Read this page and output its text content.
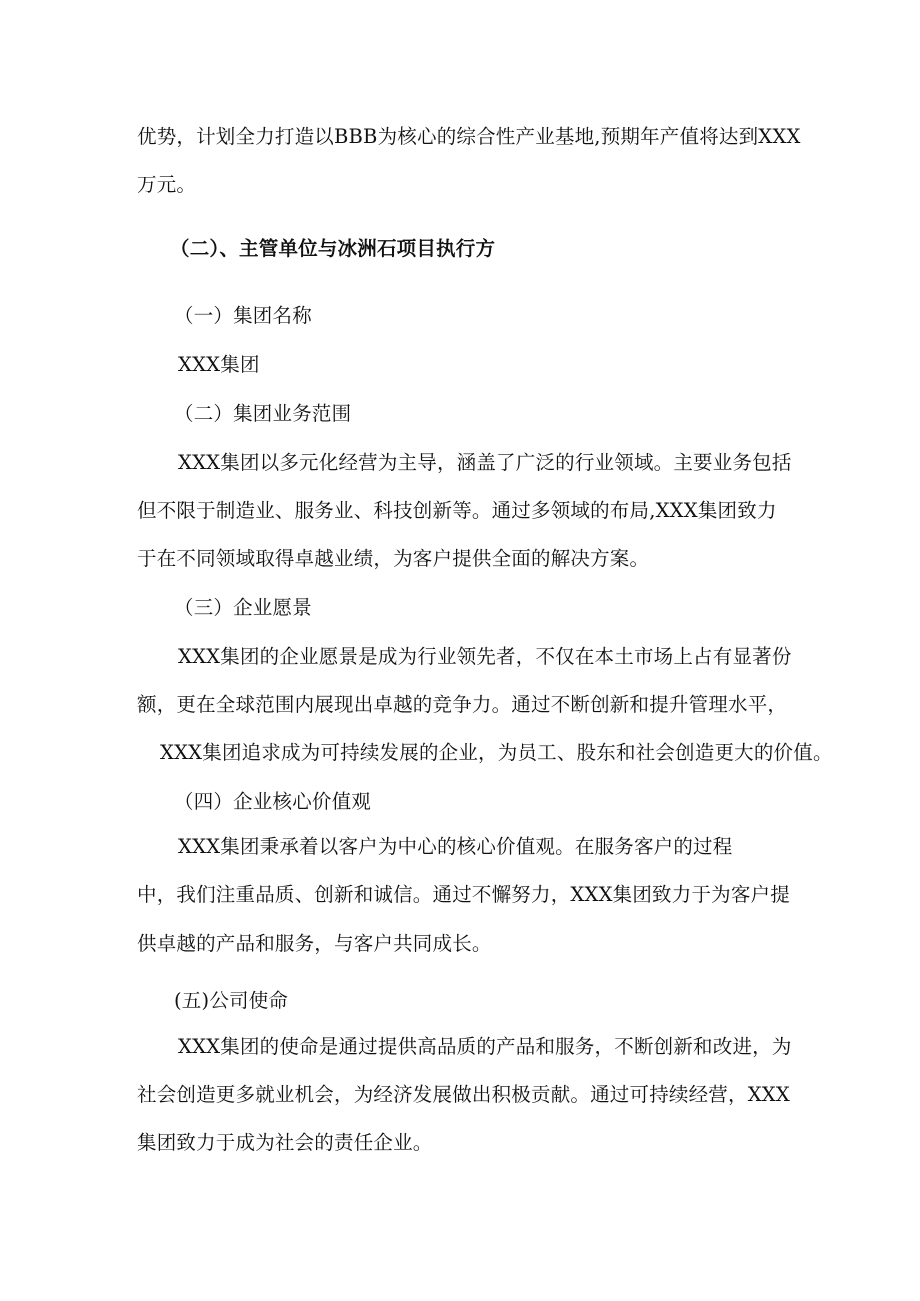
优势，计划全力打造以BBB为核心的综合性产业基地,预期年产值将达到XXX

万元。

（二）、主管单位与冰洲石项目执行方

（一）集团名称

XXX集团

（二）集团业务范围

XXX集团以多元化经营为主导，涵盖了广泛的行业领域。主要业务包括

但不限于制造业、服务业、科技创新等。通过多领域的布局,XXX集团致力

于在不同领域取得卓越业绩，为客户提供全面的解决方案。

（三）企业愿景

XXX集团的企业愿景是成为行业领先者，不仅在本土市场上占有显著份

额，更在全球范围内展现出卓越的竞争力。通过不断创新和提升管理水平，

XXX集团追求成为可持续发展的企业，为员工、股东和社会创造更大的价值。

（四）企业核心价值观

XXX集团秉承着以客户为中心的核心价值观。在服务客户的过程

中，我们注重品质、创新和诚信。通过不懈努力，XXX集团致力于为客户提

供卓越的产品和服务，与客户共同成长。

(五)公司使命

XXX集团的使命是通过提供高品质的产品和服务，不断创新和改进，为

社会创造更多就业机会，为经济发展做出积极贡献。通过可持续经营，XXX

集团致力于成为社会的责任企业。
